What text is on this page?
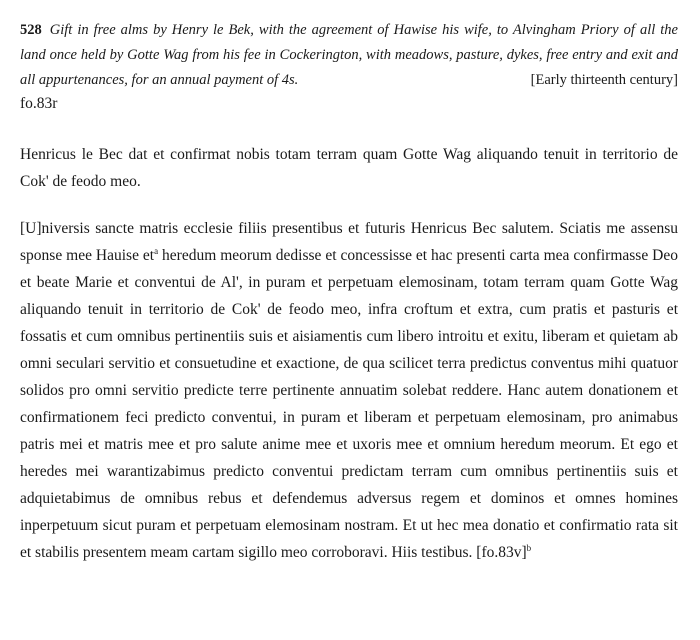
528 Gift in free alms by Henry le Bek, with the agreement of Hawise his wife, to Alvingham Priory of all the land once held by Gotte Wag from his fee in Cockerington, with meadows, pasture, dykes, free entry and exit and all appurtenances, for an annual payment of 4s.	[Early thirteenth century]

fo.83r

Henricus le Bec dat et confirmat nobis totam terram quam Gotte Wag aliquando tenuit in territorio de Cok' de feodo meo.

[U]niversis sancte matris ecclesie filiis presentibus et futuris Henricus Bec salutem. Sciatis me assensu sponse mee Hauise $et^a$ heredum meorum dedisse et concessisse et hac presenti carta mea confirmasse Deo et beate Marie et conventui de Al', in puram et perpetuam elemosinam, totam terram quam Gotte Wag aliquando tenuit in territorio de Cok' de feodo meo, infra croftum et extra, cum pratis et pasturis et fossatis et cum omnibus pertinentiis suis et aisiamentis cum libero introitu et exitu, liberam et quietam ab omni seculari servitio et consuetudine et exactione, de qua scilicet terra predictus conventus mihi quatuor solidos pro omni servitio predicte terre pertinente annuatim solebat reddere. Hanc autem donationem et confirmationem feci predicto conventui, in puram et liberam et perpetuam elemosinam, pro animabus patris mei et matris mee et pro salute anime mee et uxoris mee et omnium heredum meorum. Et ego et heredes mei warantizabimus predicto conventui predictam terram cum omnibus pertinentiis suis et adquietabimus de omnibus rebus et defendemus adversus regem et dominos et omnes homines inperpetuum sicut puram et perpetuam elemosinam nostram. Et ut hec mea donatio et confirmatio rata sit et stabilis presentem meam cartam sigillo meo corroboravi. Hiis testibus. $[fo.83v]^b$
